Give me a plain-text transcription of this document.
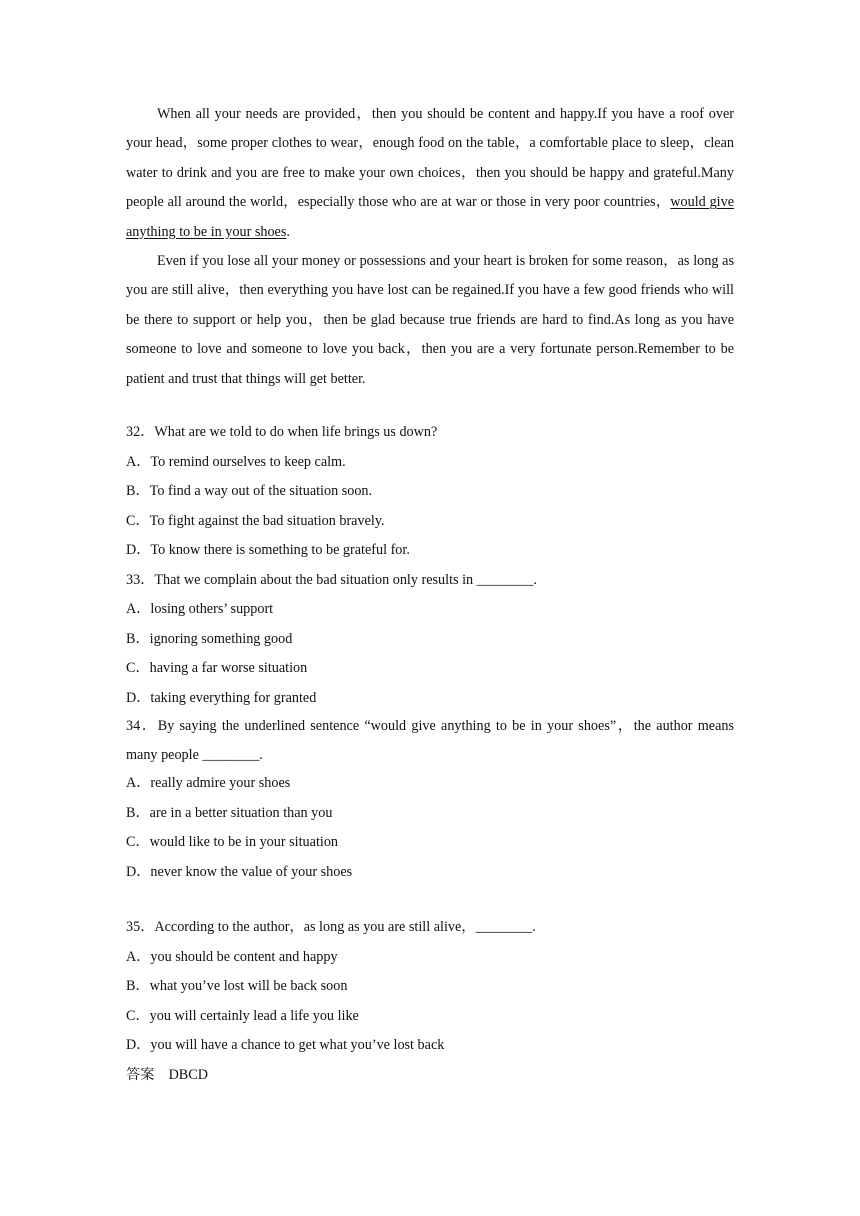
When all your needs are provided，then you should be content and happy.If you have a roof over your head，some proper clothes to wear，enough food on the table，a comfortable place to sleep，clean water to drink and you are free to make your own choices，then you should be happy and grateful.Many people all around the world，especially those who are at war or those in very poor countries，would give anything to be in your shoes.

Even if you lose all your money or possessions and your heart is broken for some reason，as long as you are still alive，then everything you have lost can be regained.If you have a few good friends who will be there to support or help you，then be glad because true friends are hard to find.As long as you have someone to love and someone to love you back，then you are a very fortunate person.Remember to be patient and trust that things will get better.

32．What are we told to do when life brings us down?

A．To remind ourselves to keep calm.

B．To find a way out of the situation soon.

C．To fight against the bad situation bravely.

D．To know there is something to be grateful for.

33．That we complain about the bad situation only results in ________.

A．losing others’ support

B．ignoring something good

C．having a far worse situation

D．taking everything for granted

34．By saying the underlined sentence “would give anything to be in your shoes”，the author means many people ________.

A．really admire your shoes

B．are in a better situation than you

C．would like to be in your situation

D．never know the value of your shoes

35．According to the author，as long as you are still alive，________.

A．you should be content and happy

B．what you’ve lost will be back soon

C．you will certainly lead a life you like

D．you will have a chance to get what you’ve lost back

答案　DBCD
